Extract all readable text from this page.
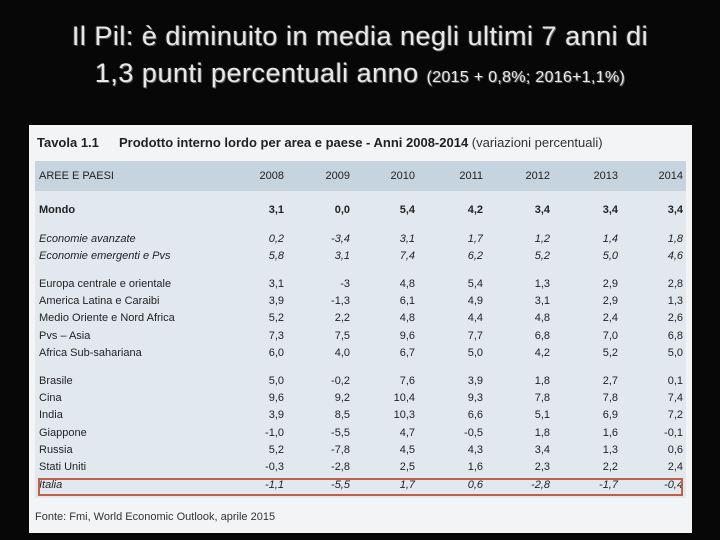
Il Pil: è diminuito in media negli ultimi 7 anni di
1,3 punti percentuali anno (2015 + 0,8%; 2016+1,1%)
Tavola 1.1 Prodotto interno lordo per area e paese - Anni 2008-2014 (variazioni percentuali)
AREE E PAESI	2008	2009	2010	2011	2012	2013	2014
Mondo	3,1	0,0	5,4	4,2	3,4	3,4	3,4
Economie avanzate	0,2	-3,4	3,1	1,7	1,2	1,4	1,8
Economie emergenti e Pvs	5,8	3,1	7,4	6,2	5,2	5,0	4,6
Europa centrale e orientale	3,1	-3	4,8	5,4	1,3	2,9	2,8
America Latina e Caraibi	3,9	-1,3	6,1	4,9	3,1	2,9	1,3
Medio Oriente e Nord Africa	5,2	2,2	4,8	4,4	4,8	2,4	2,6
Pvs – Asia	7,3	7,5	9,6	7,7	6,8	7,0	6,8
Africa Sub-sahariana	6,0	4,0	6,7	5,0	4,2	5,2	5,0
Brasile	5,0	-0,2	7,6	3,9	1,8	2,7	0,1
Cina	9,6	9,2	10,4	9,3	7,8	7,8	7,4
India	3,9	8,5	10,3	6,6	5,1	6,9	7,2
Giappone	-1,0	-5,5	4,7	-0,5	1,8	1,6	-0,1
Russia	5,2	-7,8	4,5	4,3	3,4	1,3	0,6
Stati Uniti	-0,3	-2,8	2,5	1,6	2,3	2,2	2,4
Italia	-1,1	-5,5	1,7	0,6	-2,8	-1,7	-0,4
Fonte: Fmi, World Economic Outlook, aprile 2015
